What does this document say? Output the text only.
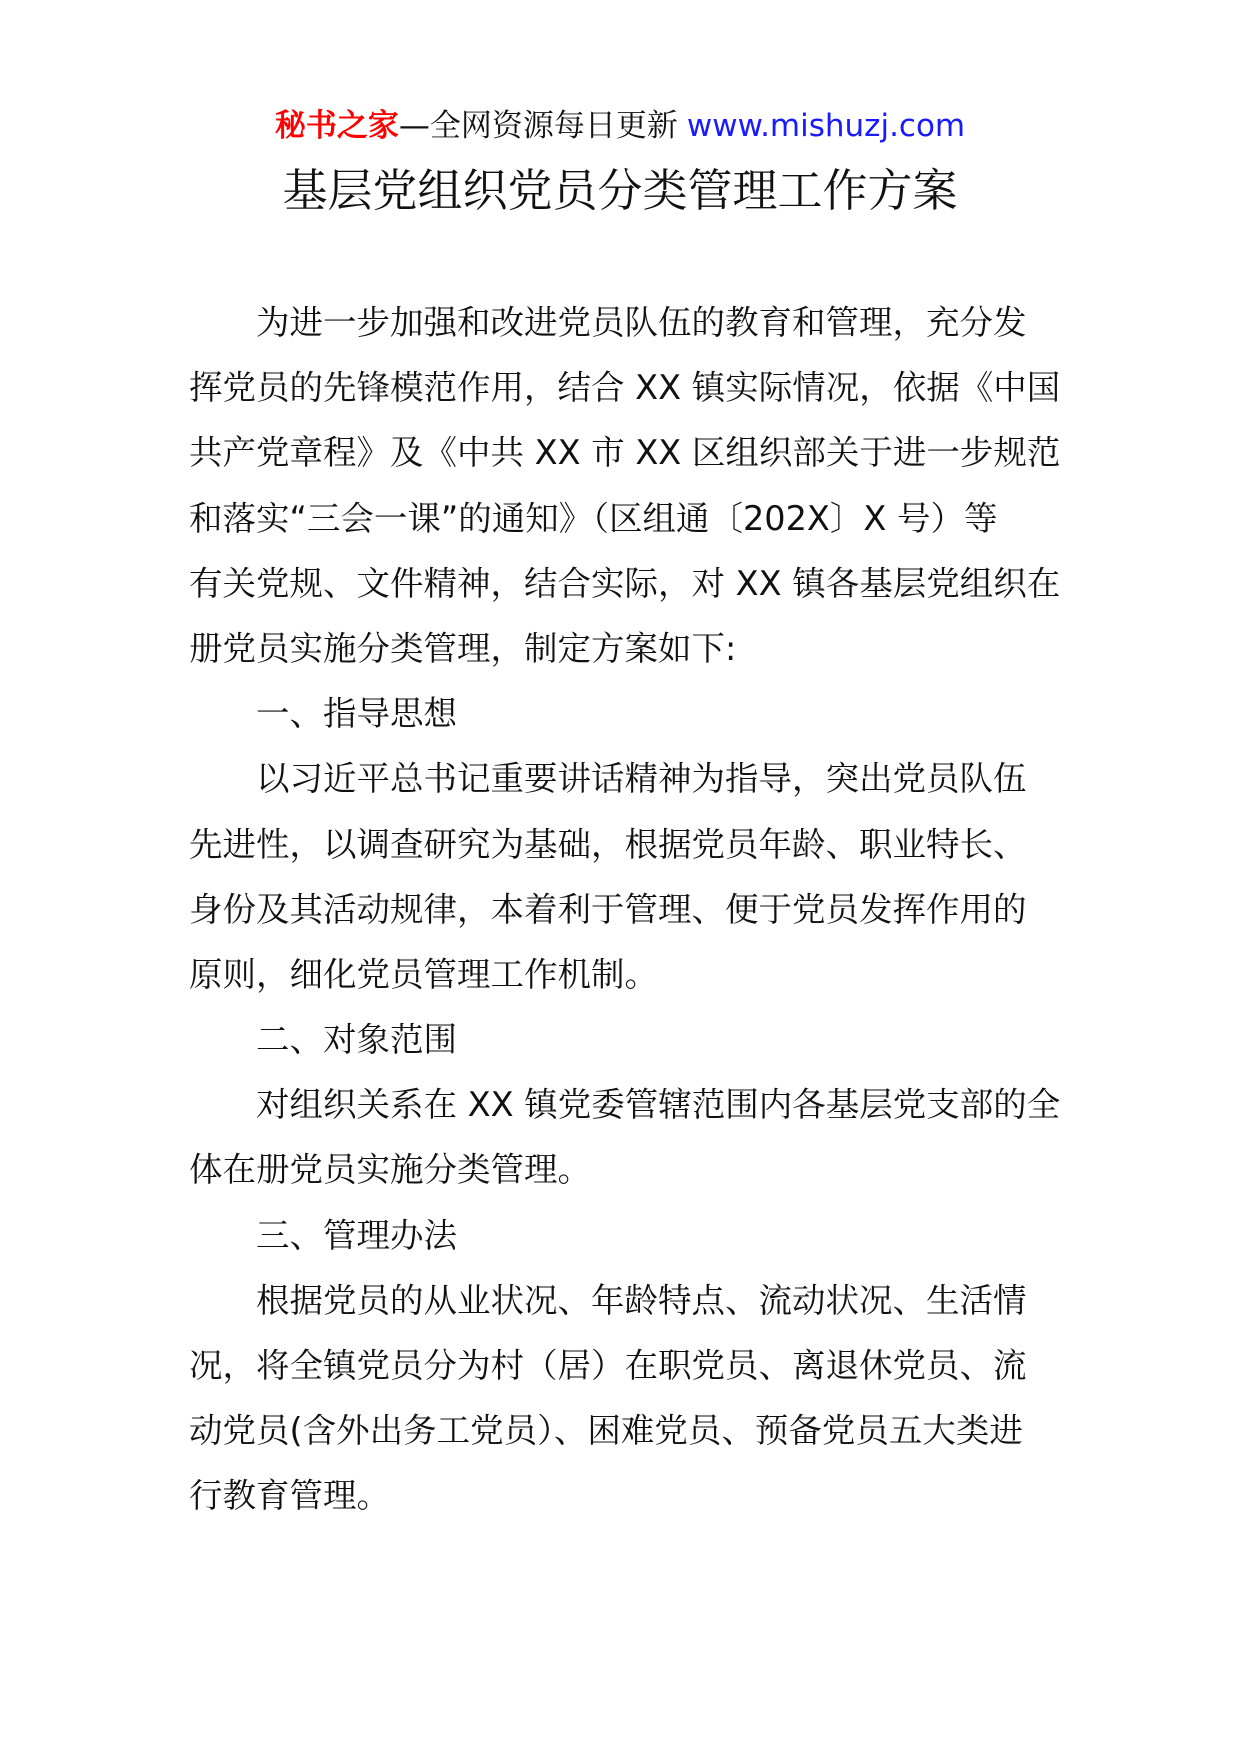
秘书之家—全网资源每日更新 www.mishuzj.com
基层党组织党员分类管理工作方案
为进一步加强和改进党员队伍的教育和管理，充分发
挥党员的先锋模范作用，结合 XX 镇实际情况，依据《中国
共产党章程》及《中共 XX 市 XX 区组织部关于进一步规范
和落实“三会一课”的通知》（区组通〔202X〕X 号）等
有关党规、文件精神，结合实际，对 XX 镇各基层党组织在
册党员实施分类管理，制定方案如下:
一、指导思想
以习近平总书记重要讲话精神为指导，突出党员队伍
先进性，以调查研究为基础，根据党员年龄、职业特长、
身份及其活动规律，本着利于管理、便于党员发挥作用的
原则，细化党员管理工作机制。
二、对象范围
对组织关系在 XX 镇党委管辖范围内各基层党支部的全
体在册党员实施分类管理。
三、管理办法
根据党员的从业状况、年龄特点、流动状况、生活情
况，将全镇党员分为村（居）在职党员、离退休党员、流
动党员(含外出务工党员）、困难党员、预备党员五大类进
行教育管理。
